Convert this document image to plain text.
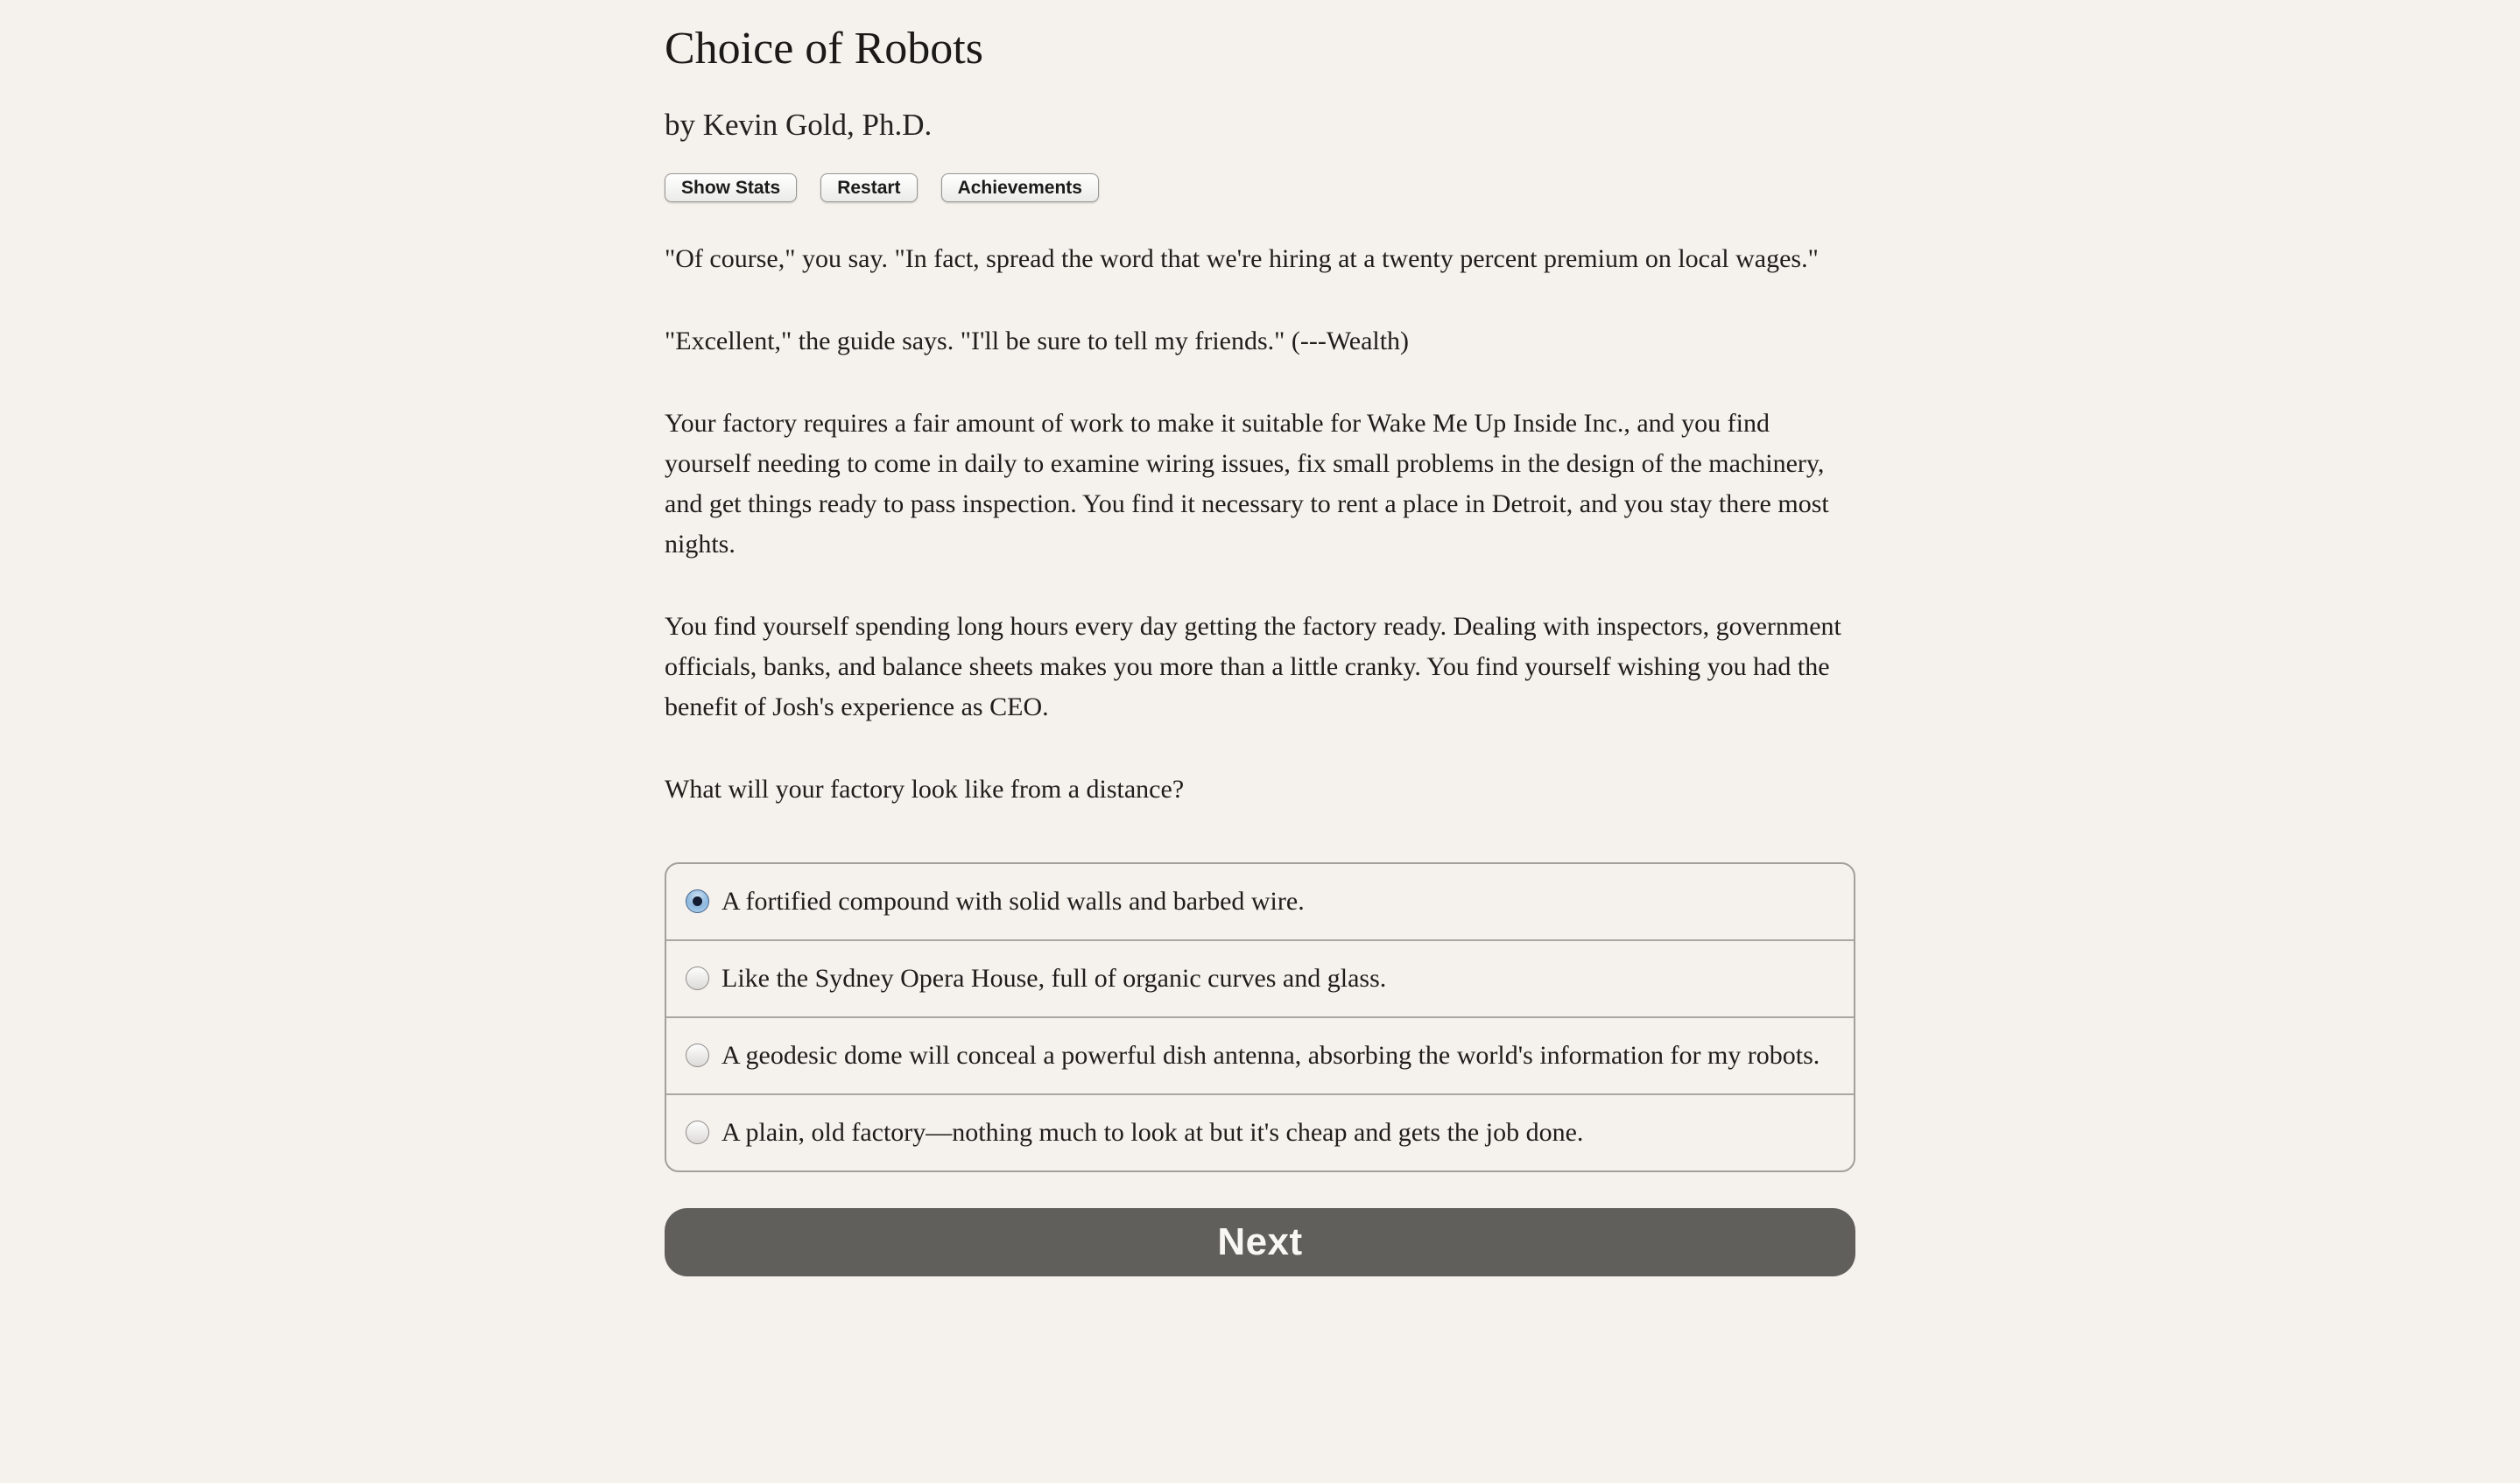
Choice of Robots
by Kevin Gold, Ph.D.
Show Stats	Restart	Achievements

"Of course," you say. "In fact, spread the word that we're hiring at a twenty percent premium on local wages."

"Excellent," the guide says. "I'll be sure to tell my friends." (---Wealth)

Your factory requires a fair amount of work to make it suitable for Wake Me Up Inside Inc., and you find yourself needing to come in daily to examine wiring issues, fix small problems in the design of the machinery, and get things ready to pass inspection. You find it necessary to rent a place in Detroit, and you stay there most nights.

You find yourself spending long hours every day getting the factory ready. Dealing with inspectors, government officials, banks, and balance sheets makes you more than a little cranky. You find yourself wishing you had the benefit of Josh's experience as CEO.

What will your factory look like from a distance?

A fortified compound with solid walls and barbed wire.
Like the Sydney Opera House, full of organic curves and glass.
A geodesic dome will conceal a powerful dish antenna, absorbing the world's information for my robots.
A plain, old factory—nothing much to look at but it's cheap and gets the job done.
Next
